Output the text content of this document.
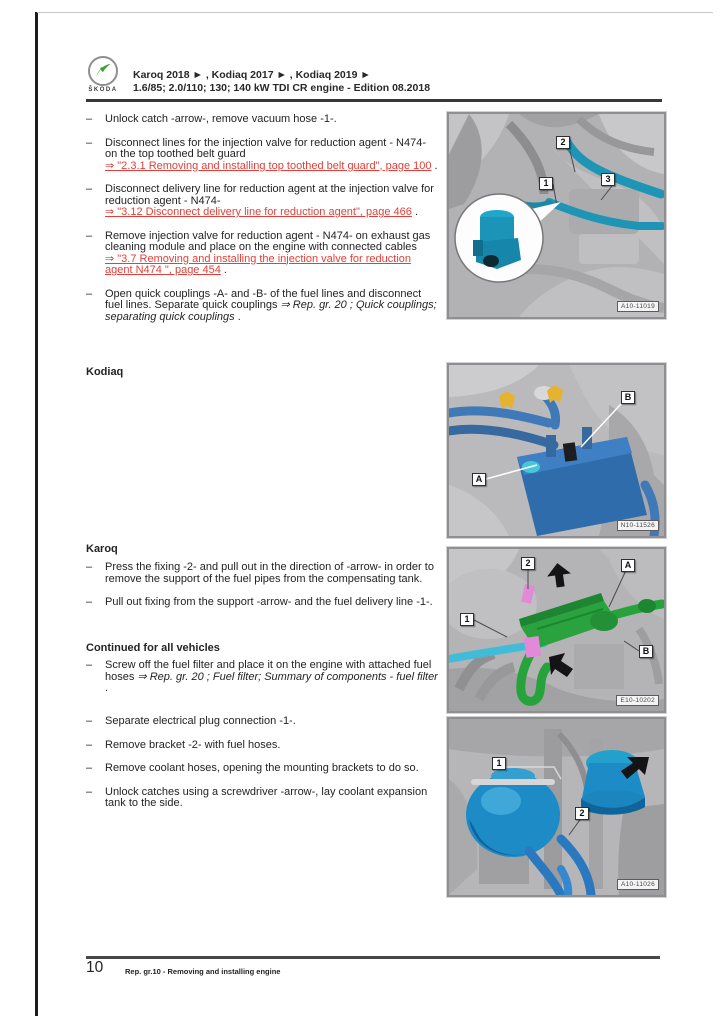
ŠKODA
Karoq 2018 ► , Kodiaq 2017 ► , Kodiaq 2019 ►
1.6/85; 2.0/110; 130; 140 kW TDI CR engine - Edition 08.2018
–	Unlock catch -arrow-, remove vacuum hose -1-.
–	Disconnect lines for the injection valve for reduction agent - N474- on the top toothed belt guard
⇒ "2.3.1 Removing and installing top toothed belt guard", page 100 .
–	Disconnect delivery line for reduction agent at the injection valve for reduction agent - N474-
⇒ "3.12 Disconnect delivery line for reduction agent", page 466 .
–	Remove injection valve for reduction agent - N474- on exhaust gas cleaning module and place on the engine with connected cables
⇒ "3.7 Removing and installing the injection valve for reduction agent N474 ", page 454 .
–	Open quick couplings -A- and -B- of the fuel lines and disconnect fuel lines. Separate quick couplings ⇒ Rep. gr. 20 ; Quick couplings; separating quick couplings .
Kodiaq
Karoq
–	Press the fixing -2- and pull out in the direction of -arrow- in order to remove the support of the fuel pipes from the compensating tank.
–	Pull out fixing from the support -arrow- and the fuel delivery line -1-.
Continued for all vehicles
–	Screw off the fuel filter and place it on the engine with attached fuel hoses ⇒ Rep. gr. 20 ; Fuel filter; Summary of components - fuel filter .
–	Separate electrical plug connection -1-.
–	Remove bracket -2- with fuel hoses.
–	Remove coolant hoses, opening the mounting brackets to do so.
–	Unlock catches using a screwdriver -arrow-, lay coolant expansion tank to the side.
1
2
3
A10-11019
A
B
N10-11526
1
2	A
B
E10-10202
1
2
A10-11026
10	Rep. gr.10 - Removing and installing engine
